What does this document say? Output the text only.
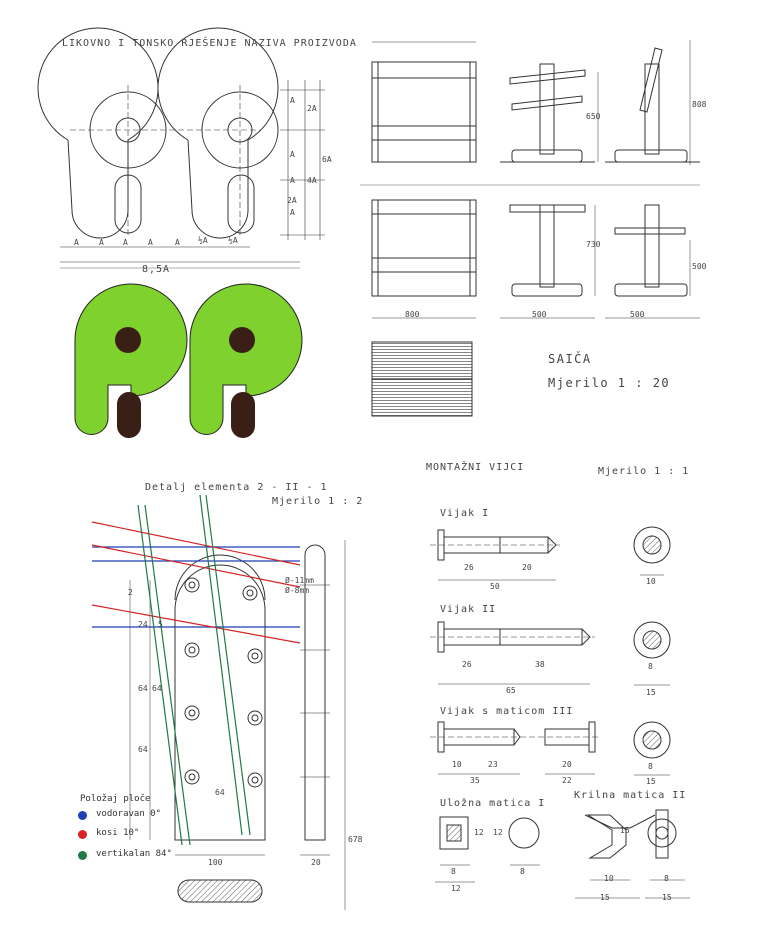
LIKOVNO I TONSKO RJEŠENJE NAZIVA PROIZVODA
A	A A	A	A ½A	½A
8,5A
A
2A
6A
A
A
A
4A
2A
800	500	500
650
808
730
500
SAIČA
Mjerilo 1 : 20
Detalj elementa 2 - II - 1
Mjerilo 1 : 2
64
64
64
64
24
100	20
678
Ø-11mm
Ø-8mm
2
5
Položaj ploče
vodoravan 0°
kosi 10°
vertikalan 84°
MONTAŽNI VIJCI	Mjerilo 1 : 1
Vijak I
26	20
50
10
Vijak II
26	38
65
8
15
Vijak s maticom III
10	23	20
35	22
8
15
Uložna matica I
8
12 12
12
8
Krilna matica II
15
10	8
15	15
